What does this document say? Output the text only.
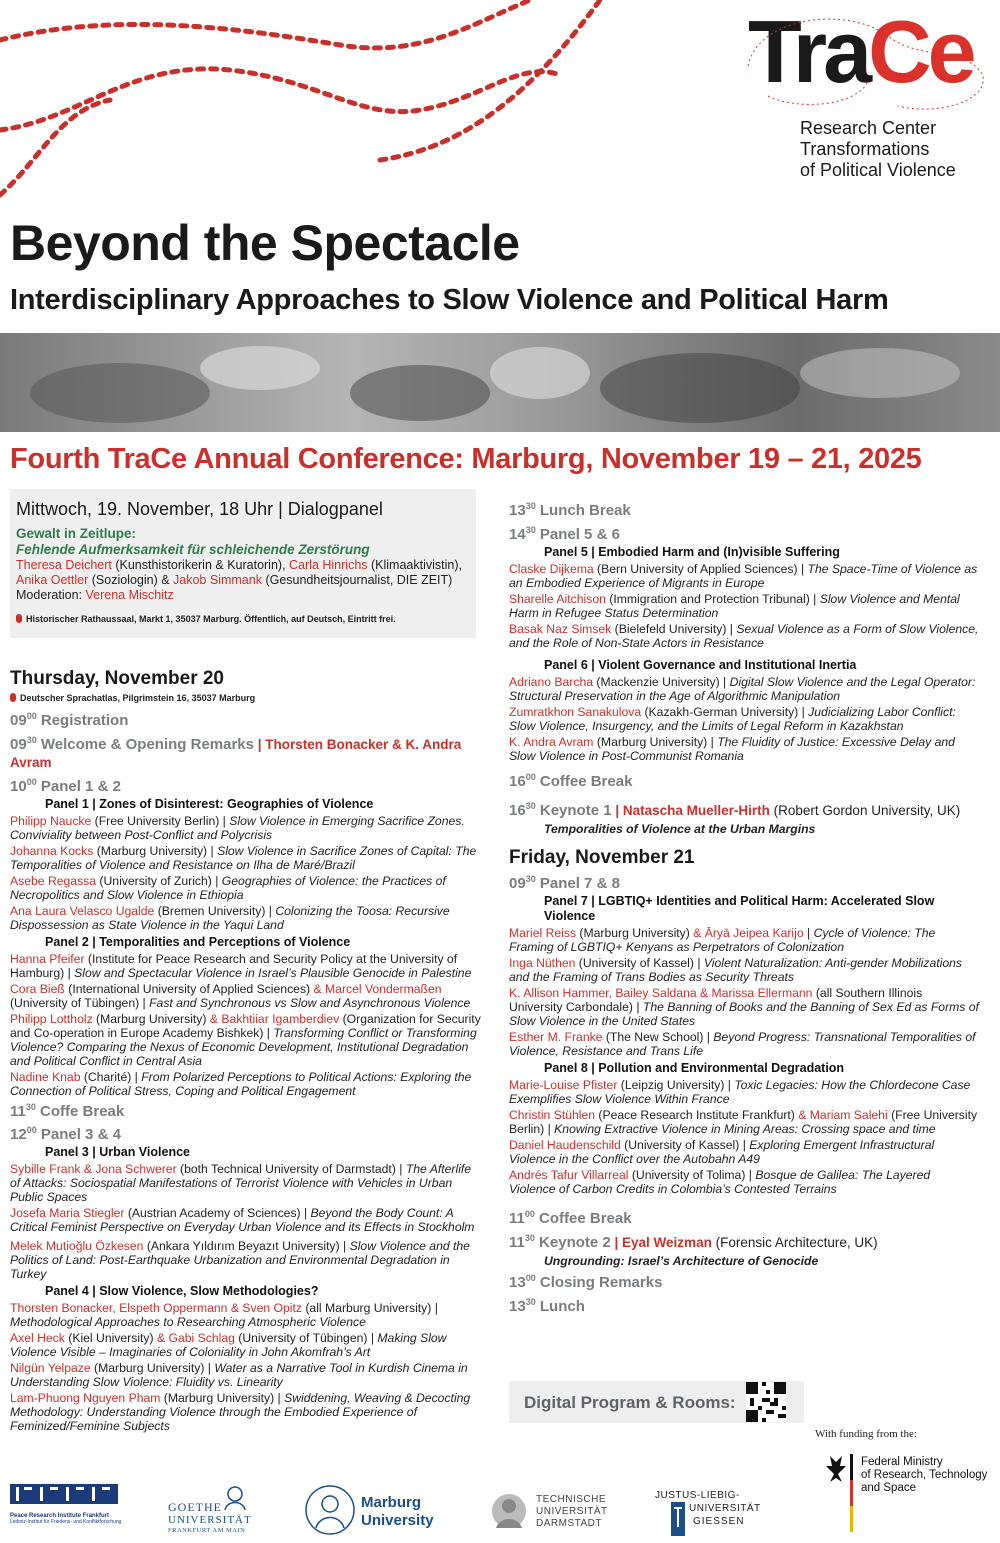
TraCe
Research Center
Transformations
of Political Violence
Beyond the Spectacle
Interdisciplinary Approaches to Slow Violence and Political Harm
Fourth TraCe Annual Conference: Marburg, November 19 – 21, 2025
Mittwoch, 19. November, 18 Uhr | Dialogpanel
Gewalt in Zeitlupe:
Fehlende Aufmerksamkeit für schleichende Zerstörung
Theresa Deichert (Kunsthistorikerin & Kuratorin), Carla Hinrichs (Klimaaktivistin),
Anika Oettler (Soziologin) & Jakob Simmank (Gesundheitsjournalist, DIE ZEIT)
Moderation: Verena Mischitz
Historischer Rathaussaal, Markt 1, 35037 Marburg. Öffentlich, auf Deutsch, Eintritt frei.
Thursday, November 20
Deutscher Sprachatlas, Pilgrimstein 16, 35037 Marburg
$09^{00}$ Registration
$09^{30}$ Welcome & Opening Remarks | Thorsten Bonacker & K. Andra Avram
$10^{00}$ Panel 1 & 2
Panel 1 | Zones of Disinterest: Geographies of Violence
Philipp Naucke (Free University Berlin) | Slow Violence in Emerging Sacrifice Zones. Conviviality between Post-Conflict and Polycrisis
Johanna Kocks (Marburg University) | Slow Violence in Sacrifice Zones of Capital: The Temporalities of Violence and Resistance on Ilha de Maré/Brazil
Asebe Regassa (University of Zurich) | Geographies of Violence: the Practices of Necropolitics and Slow Violence in Ethiopia
Ana Laura Velasco Ugalde (Bremen University) | Colonizing the Toosa: Recursive Dispossession as State Violence in the Yaqui Land
Panel 2 | Temporalities and Perceptions of Violence
Hanna Pfeifer (Institute for Peace Research and Security Policy at the University of Hamburg) | Slow and Spectacular Violence in Israel’s Plausible Genocide in Palestine
Cora Bieß (International University of Applied Sciences) & Marcel Vondermaßen (University of Tübingen) | Fast and Synchronous vs Slow and Asynchronous Violence
Philipp Lottholz (Marburg University) & Bakhtiiar Igamberdiev (Organization for Security and Co-operation in Europe Academy Bishkek) | Transforming Conflict or Transforming Violence? Comparing the Nexus of Economic Development, Institutional Degradation and Political Conflict in Central Asia
Nadine Knab (Charité) | From Polarized Perceptions to Political Actions: Exploring the Connection of Political Stress, Coping and Political Engagement
$11^{30}$ Coffe Break
$12^{00}$ Panel 3 & 4
Panel 3 | Urban Violence
Sybille Frank & Jona Schwerer (both Technical University of Darmstadt) | The Afterlife of Attacks: Sociospatial Manifestations of Terrorist Violence with Vehicles in Urban Public Spaces
Josefa Maria Stiegler (Austrian Academy of Sciences) | Beyond the Body Count: A Critical Feminist Perspective on Everyday Urban Violence and its Effects in Stockholm
Melek Mutioğlu Özkesen (Ankara Yıldırım Beyazıt University) | Slow Violence and the Politics of Land: Post-Earthquake Urbanization and Environmental Degradation in Turkey
Panel 4 | Slow Violence, Slow Methodologies?
Thorsten Bonacker, Elspeth Oppermann & Sven Opitz (all Marburg University) | Methodological Approaches to Researching Atmospheric Violence
Axel Heck (Kiel University) & Gabi Schlag (University of Tübingen) | Making Slow Violence Visible – Imaginaries of Coloniality in John Akomfrah’s Art
Nilgün Yelpaze (Marburg University) | Water as a Narrative Tool in Kurdish Cinema in Understanding Slow Violence: Fluidity vs. Linearity
Lam-Phuong Nguyen Pham (Marburg University) | Swiddening, Weaving & Decocting Methodology: Understanding Violence through the Embodied Experience of Feminized/Feminine Subjects
$13^{30}$ Lunch Break
$14^{30}$ Panel 5 & 6
Panel 5 | Embodied Harm and (In)visible Suffering
Claske Dijkema (Bern University of Applied Sciences) | The Space-Time of Violence as an Embodied Experience of Migrants in Europe
Sharelle Aitchison (Immigration and Protection Tribunal) | Slow Violence and Mental Harm in Refugee Status Determination
Basak Naz Simsek (Bielefeld University) | Sexual Violence as a Form of Slow Violence, and the Role of Non-State Actors in Resistance
Panel 6 | Violent Governance and Institutional Inertia
Adriano Barcha (Mackenzie University) | Digital Slow Violence and the Legal Operator: Structural Preservation in the Age of Algorithmic Manipulation
Zumratkhon Sanakulova (Kazakh-German University) | Judicializing Labor Conflict: Slow Violence, Insurgency, and the Limits of Legal Reform in Kazakhstan
K. Andra Avram (Marburg University) | The Fluidity of Justice: Excessive Delay and Slow Violence in Post-Communist Romania
$16^{00}$ Coffee Break
$16^{30}$ Keynote 1 | Natascha Mueller-Hirth (Robert Gordon University, UK)
Temporalities of Violence at the Urban Margins
Friday, November 21
$09^{30}$ Panel 7 & 8
Panel 7 | LGBTIQ+ Identities and Political Harm: Accelerated Slow Violence
Mariel Reiss (Marburg University) & Āryā Jeipea Karijo | Cycle of Violence: The Framing of LGBTIQ+ Kenyans as Perpetrators of Colonization
Inga Nüthen (University of Kassel) | Violent Naturalization: Anti-gender Mobilizations and the Framing of Trans Bodies as Security Threats
K. Allison Hammer, Bailey Saldana & Marissa Ellermann (all Southern Illinois University Carbondale) | The Banning of Books and the Banning of Sex Ed as Forms of Slow Violence in the United States
Esther M. Franke (The New School) | Beyond Progress: Transnational Temporalities of Violence, Resistance and Trans Life
Panel 8 | Pollution and Environmental Degradation
Marie-Louise Pfister (Leipzig University) | Toxic Legacies: How the Chlordecone Case Exemplifies Slow Violence Within France
Christin Stühlen (Peace Research Institute Frankfurt) & Mariam Salehi (Free University Berlin) | Knowing Extractive Violence in Mining Areas: Crossing space and time
Daniel Haudenschild (University of Kassel) | Exploring Emergent Infrastructural Violence in the Conflict over the Autobahn A49
Andrés Tafur Villarreal (University of Tolima) | Bosque de Galilea: The Layered Violence of Carbon Credits in Colombia’s Contested Terrains
$11^{00}$ Coffee Break
$11^{30}$ Keynote 2 | Eyal Weizman (Forensic Architecture, UK)
Ungrounding: Israel’s Architecture of Genocide
$13^{00}$ Closing Remarks
$13^{30}$ Lunch
Digital Program & Rooms:
With funding from the:
Federal Ministry
of Research, Technology
and Space
Peace Research Institute Frankfurt
Leibniz-Institut für Friedens- und Konfliktforschung
GOETHE
UNIVERSITÄT
FRANKFURT AM MAIN
Marburg
University
TECHNISCHE
UNIVERSITÄT
DARMSTADT
JUSTUS-LIEBIG-
UNIVERSITÄT
GIESSEN
